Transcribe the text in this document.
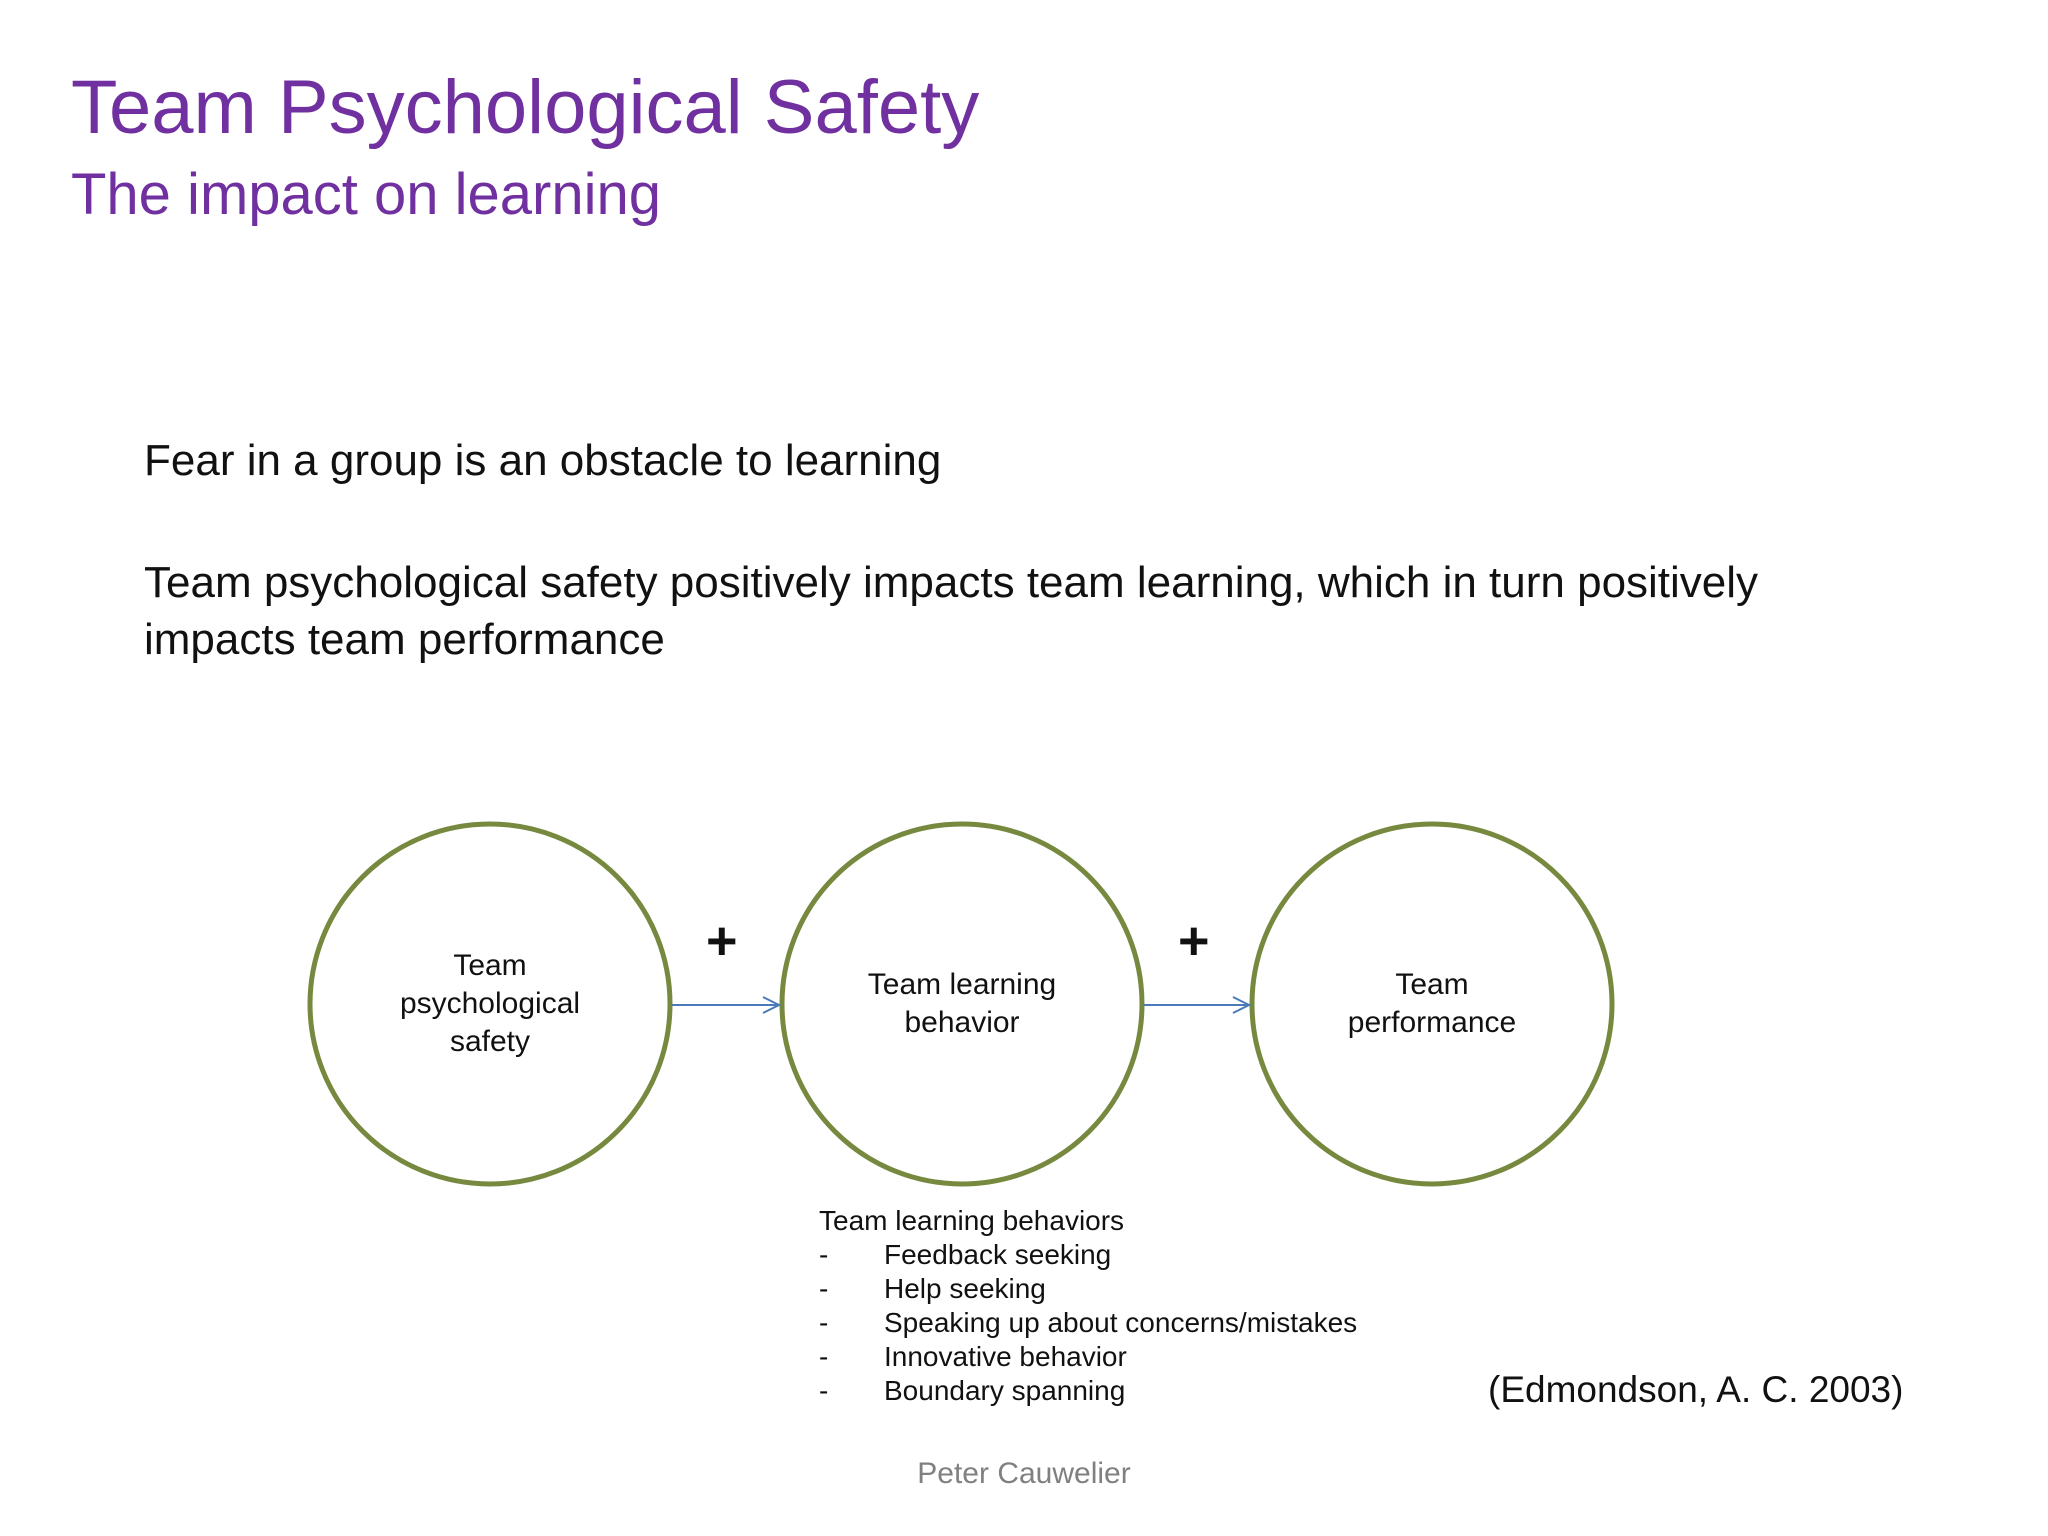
Team Psychological Safety
The impact on learning
Fear in a group is an obstacle to learning
Team psychological safety positively impacts team learning, which in turn positively impacts team performance
Team
psychological
safety
Team learning
behavior
Team
performance
+	+
Team learning behaviors
- Feedback seeking
- Help seeking
- Speaking up about concerns/mistakes
- Innovative behavior
- Boundary spanning	(Edmondson, A. C. 2003)
Peter Cauwelier
